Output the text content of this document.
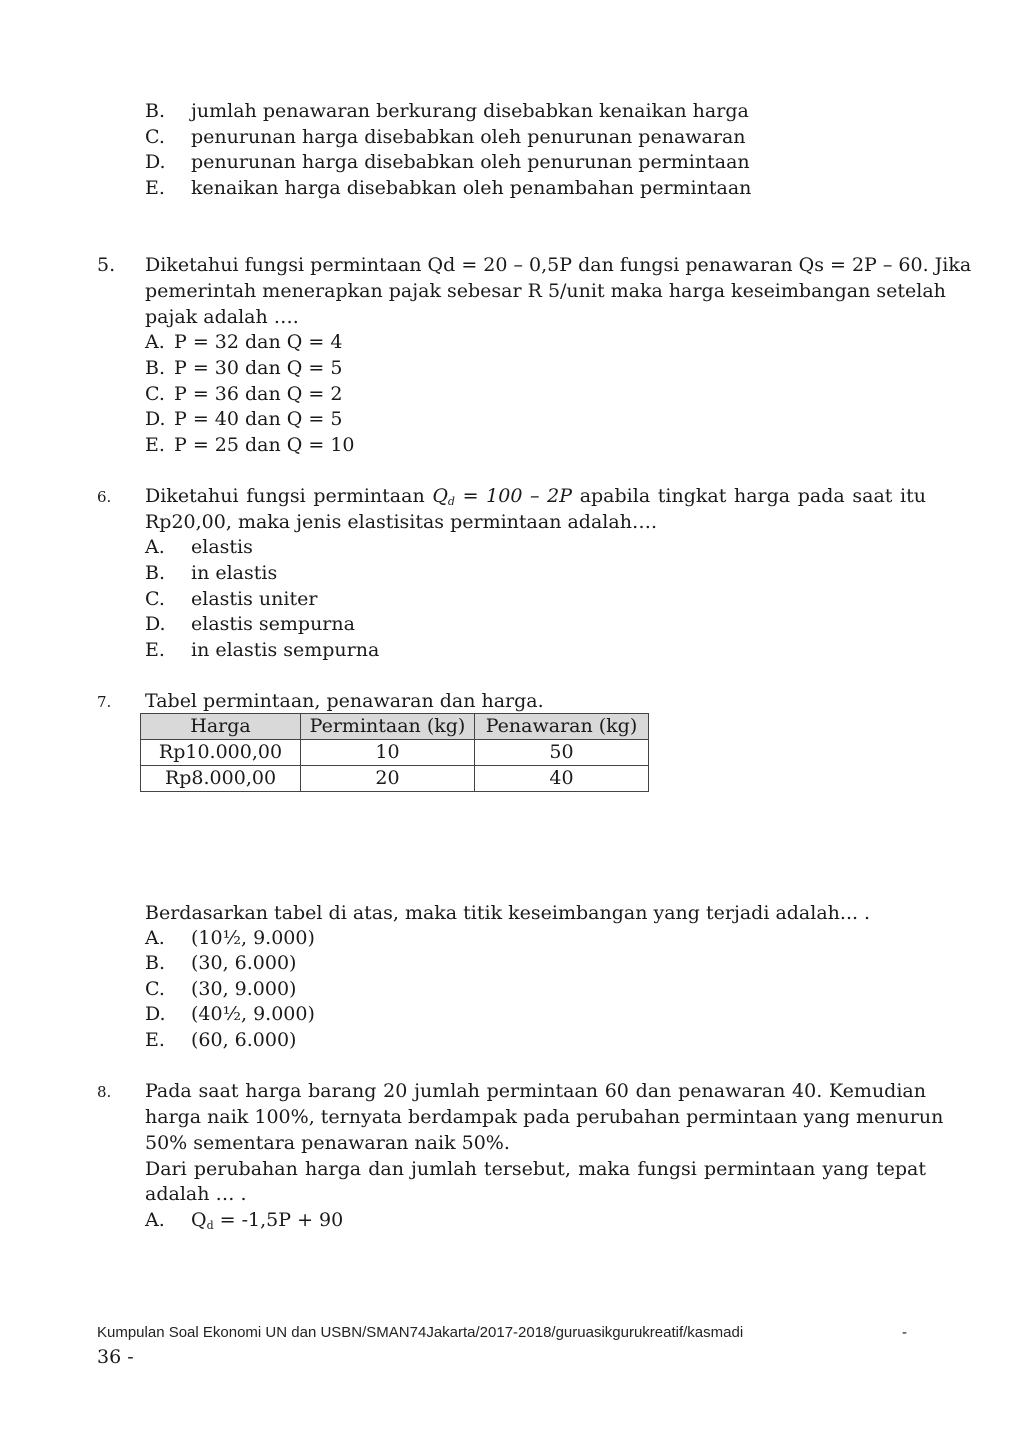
B. jumlah penawaran berkurang disebabkan kenaikan harga
C. penurunan harga disebabkan oleh penurunan penawaran
D. penurunan harga disebabkan oleh penurunan permintaan
E. kenaikan harga disebabkan oleh penambahan permintaan
5. Diketahui fungsi permintaan Qd = 20 – 0,5P dan fungsi penawaran Qs = 2P – 60. Jika
pemerintah menerapkan pajak sebesar R 5/unit maka harga keseimbangan setelah
pajak adalah ….
A. P = 32 dan Q = 4
B. P = 30 dan Q = 5
C. P = 36 dan Q = 2
D. P = 40 dan Q = 5
E. P = 25 dan Q = 10
6. Diketahui fungsi permintaan $Q_d = 100 - 2P$ apabila tingkat harga pada saat itu
Rp20,00, maka jenis elastisitas permintaan adalah….
A. elastis
B. in elastis
C. elastis uniter
D. elastis sempurna
E. in elastis sempurna
7. Tabel permintaan, penawaran dan harga.
Harga	Permintaan (kg)	Penawaran (kg)
Rp10.000,00	10	50
Rp8.000,00	20	40
Berdasarkan tabel di atas, maka titik keseimbangan yang terjadi adalah... .
A. (10½, 9.000)
B. (30, 6.000)
C. (30, 9.000)
D. (40½, 9.000)
E. (60, 6.000)
8. Pada saat harga barang 20 jumlah permintaan 60 dan penawaran 40. Kemudian
harga naik 100%, ternyata berdampak pada perubahan permintaan yang menurun
50% sementara penawaran naik 50%.
Dari perubahan harga dan jumlah tersebut, maka fungsi permintaan yang tepat
adalah … .
A. $Q_d = -1,5P + 90$
Kumpulan Soal Ekonomi UN dan USBN/SMAN74Jakarta/2017-2018/guruasikgurukreatif/kasmadi	-
36 -
